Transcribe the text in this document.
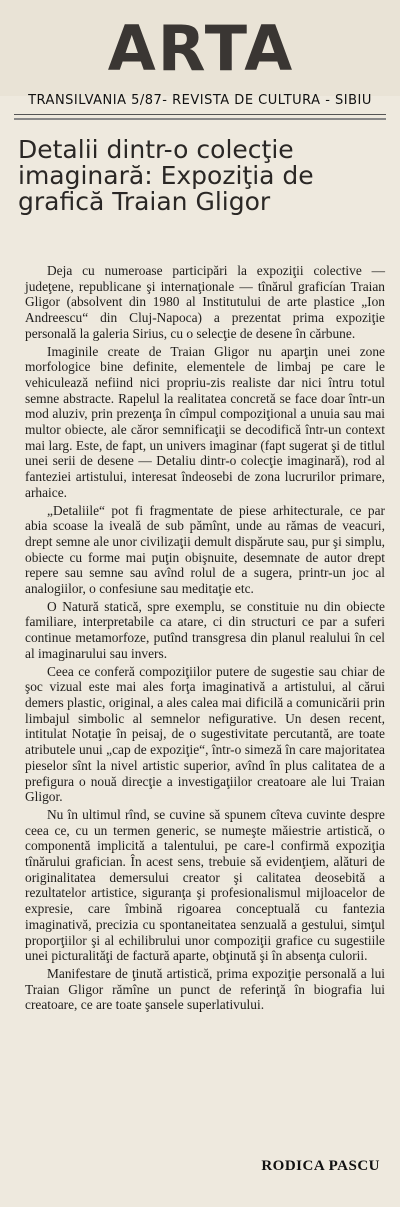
ARTA
TRANSILVANIA 5/87- REVISTA DE CULTURA - SIBIU
Detalii dintr-o colecţie imaginară: Expoziţia de grafică Traian Gligor

Deja cu numeroase participări la expoziţii colective — judeţene, republicane şi internaţionale — tînărul graficían Traian Gligor (absolvent din 1980 al Institutului de arte plastice „Ion Andreescu“ din Cluj-Napoca) a prezentat prima expoziţie personală la galeria Sirius, cu o selecţie de desene în cărbune.

Imaginile create de Traian Gligor nu aparţin unei zone morfologice bine definite, elementele de limbaj pe care le vehiculează nefiind nici propriu-zis realiste dar nici întru totul semne abstracte. Rapelul la realitatea concretă se face doar într-un mod aluziv, prin prezenţa în cîmpul compoziţional a unuia sau mai multor obiecte, ale căror semnificaţii se decodifică într-un context mai larg. Este, de fapt, un univers imaginar (fapt sugerat şi de titlul unei serii de desene — Detaliu dintr-o colecţie imaginară), rod al fanteziei artistului, interesat îndeosebi de zona lucrurilor primare, arhaice.

„Detaliile“ pot fi fragmentate de piese arhitecturale, ce par abia scoase la iveală de sub pămînt, unde au rămas de veacuri, drept semne ale unor civilizaţii demult dispărute sau, pur şi simplu, obiecte cu forme mai puţin obişnuite, desemnate de autor drept repere sau semne sau avînd rolul de a sugera, printr-un joc al analogiilor, o confesiune sau meditaţie etc.

O Natură statică, spre exemplu, se constituie nu din obiecte familiare, interpretabile ca atare, ci din structuri ce par a suferi continue metamorfoze, putînd transgresa din planul realului în cel al imaginarului sau invers.

Ceea ce conferă compoziţiilor putere de sugestie sau chiar de şoc vizual este mai ales forţa imaginativă a artistului, al cărui demers plastic, original, a ales calea mai dificilă a comunicării prin limbajul simbolic al semnelor nefigurative. Un desen recent, intitulat Notaţie în peisaj, de o sugestivitate percutantă, are toate atributele unui „cap de expoziţie“, într-o simeză în care majoritatea pieselor sînt la nivel artistic superior, avînd în plus calitatea de a prefigura o nouă direcţie a investigaţiilor creatoare ale lui Traian Gligor.

Nu în ultimul rînd, se cuvine să spunem cîteva cuvinte despre ceea ce, cu un termen generic, se numeşte măiestrie artistică, o componentă implicită a talentului, pe care-l confirmă expoziţia tînărului grafician. În acest sens, trebuie să evidenţiem, alături de originalitatea demersului creator şi calitatea deosebită a rezultatelor artistice, siguranţa şi profesionalismul mijloacelor de expresie, care îmbină rigoarea conceptuală cu fantezia imaginativă, precizia cu spontaneitatea senzuală a gestului, simţul proporţiilor şi al echilibrului unor compoziţii grafice cu sugestiile unei picturalităţi de factură aparte, obţinută şi în absenţa culorii.

Manifestare de ţinută artistică, prima expoziţie personală a lui Traian Gligor rămîne un punct de referinţă în biografia lui creatoare, ce are toate şansele superlativului.

RODICA PASCU
